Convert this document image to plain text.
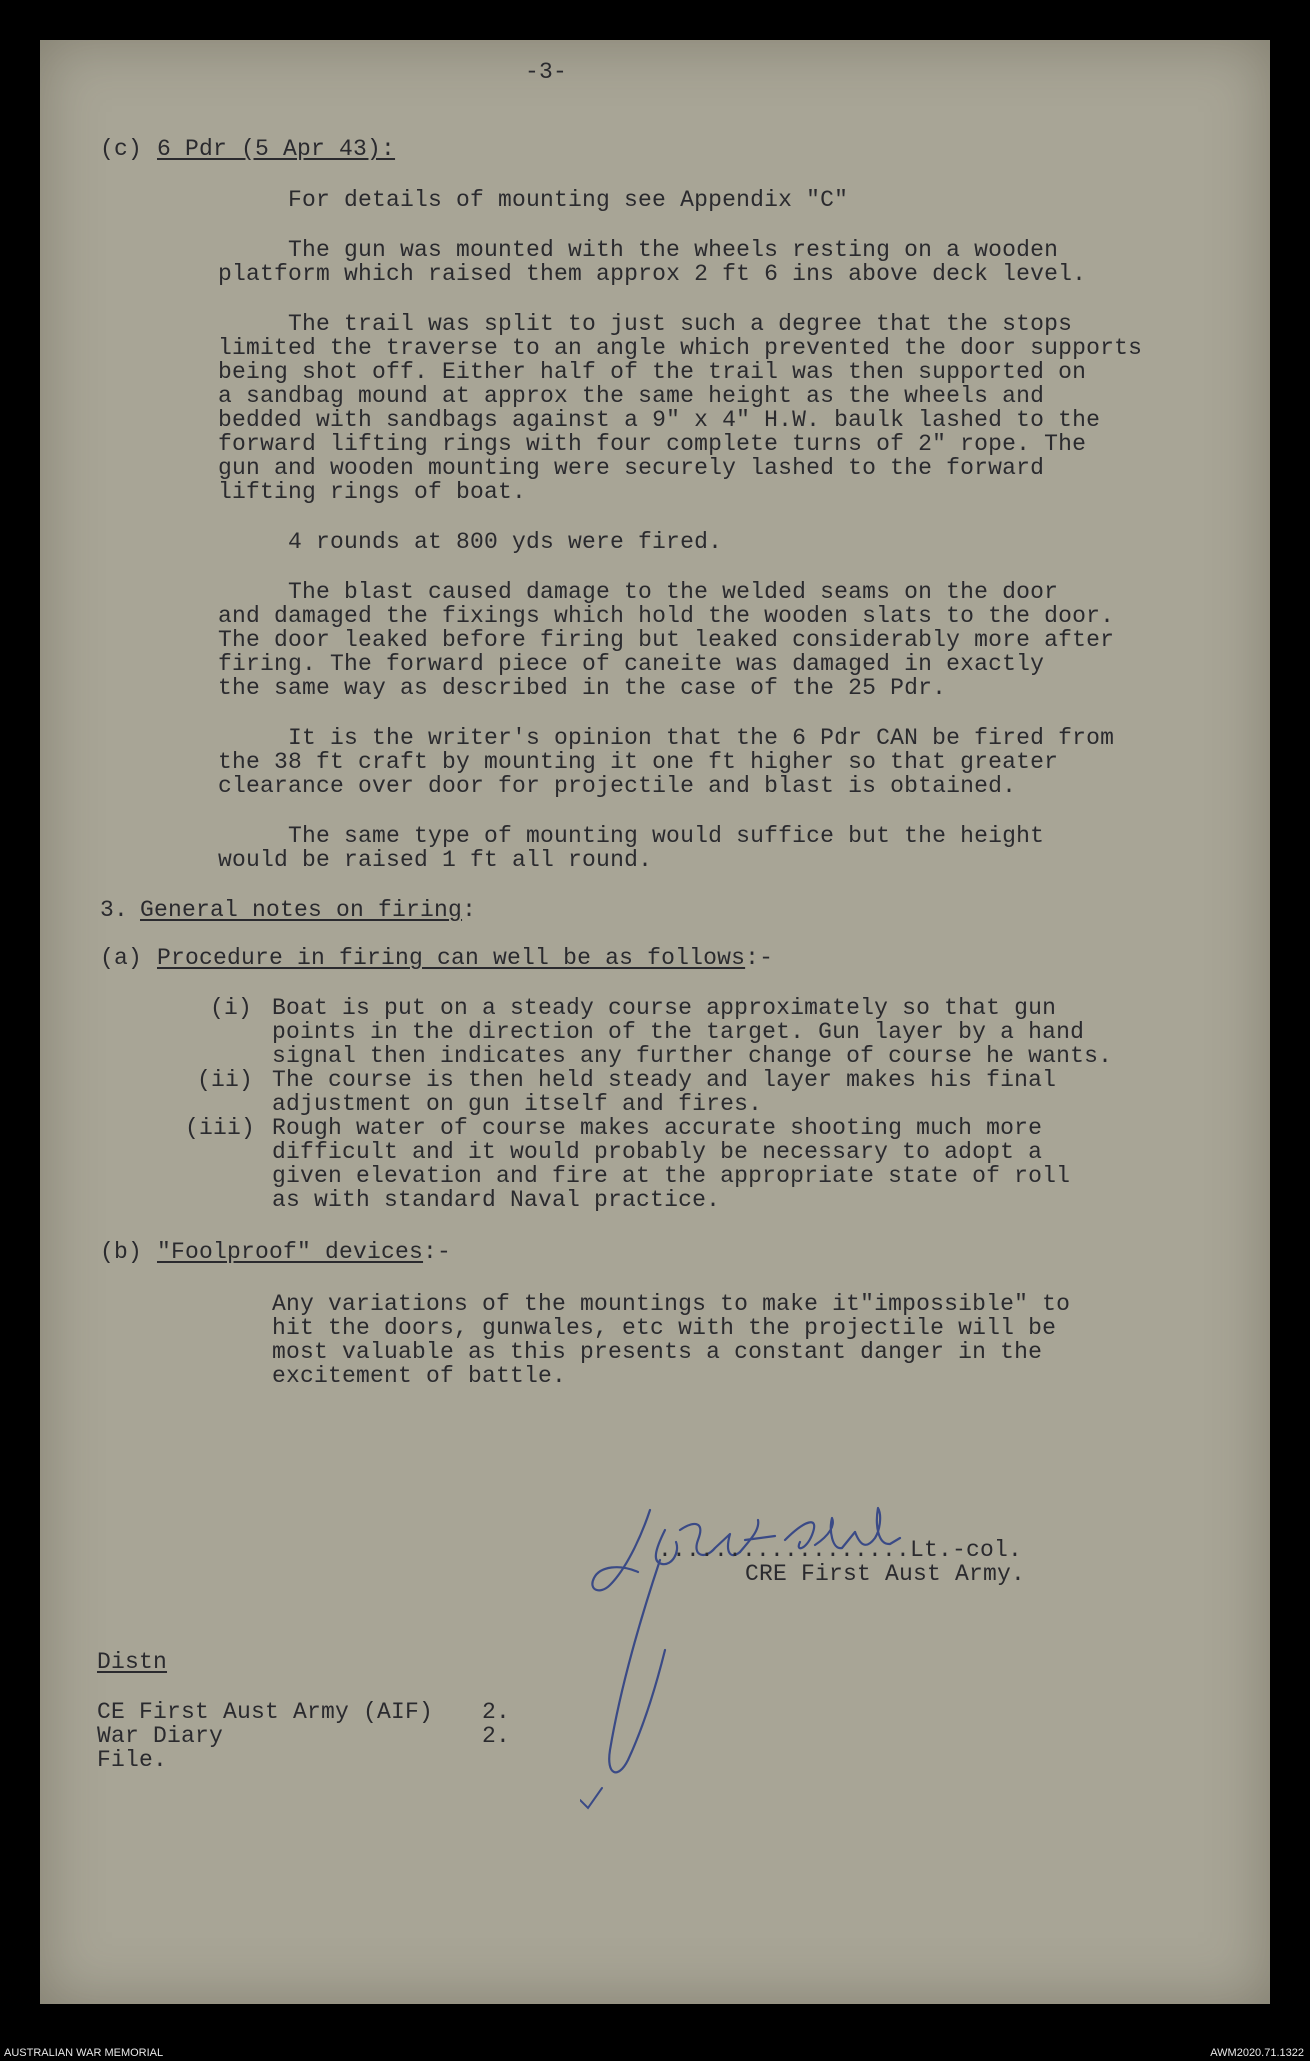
-3-
(c) 6 Pdr (5 Apr 43):
For details of mounting see Appendix "C"
The gun was mounted with the wheels resting on a wooden
platform which raised them approx 2 ft 6 ins above deck level.
The trail was split to just such a degree that the stops
limited the traverse to an angle which prevented the door supports
being shot off. Either half of the trail was then supported on
a sandbag mound at approx the same height as the wheels and
bedded with sandbags against a 9" x 4" H.W. baulk lashed to the
forward lifting rings with four complete turns of 2" rope. The
gun and wooden mounting were securely lashed to the forward
lifting rings of boat.
4 rounds at 800 yds were fired.
The blast caused damage to the welded seams on the door
and damaged the fixings which hold the wooden slats to the door.
The door leaked before firing but leaked considerably more after
firing. The forward piece of caneite was damaged in exactly
the same way as described in the case of the 25 Pdr.
It is the writer's opinion that the 6 Pdr CAN be fired from
the 38 ft craft by mounting it one ft higher so that greater
clearance over door for projectile and blast is obtained.
The same type of mounting would suffice but the height
would be raised 1 ft all round.
3. General notes on firing:
(a) Procedure in firing can well be as follows:-
(i) Boat is put on a steady course approximately so that gun
points in the direction of the target. Gun layer by a hand
signal then indicates any further change of course he wants.
(ii) The course is then held steady and layer makes his final
adjustment on gun itself and fires.
(iii) Rough water of course makes accurate shooting much more
difficult and it would probably be necessary to adopt a
given elevation and fire at the appropriate state of roll
as with standard Naval practice.
(b) "Foolproof" devices:-
Any variations of the mountings to make it"impossible" to
hit the doors, gunwales, etc with the projectile will be
most valuable as this presents a constant danger in the
excitement of battle.
..................Lt.-col.
CRE First Aust Army.
Distn
CE First Aust Army (AIF) 2.
War Diary	2.
File.
AUSTRALIAN WAR MEMORIAL	AWM2020.71.1322
